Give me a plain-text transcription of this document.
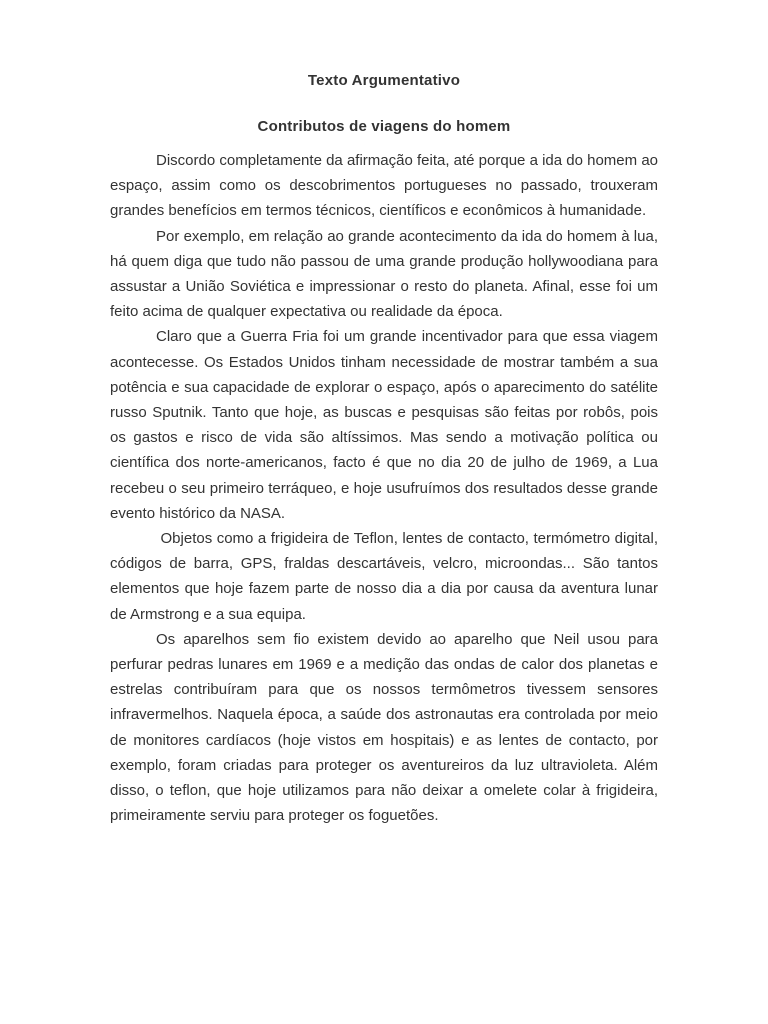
Texto Argumentativo
Contributos de viagens do homem

Discordo completamente da afirmação feita, até porque a ida do homem ao espaço, assim como os descobrimentos portugueses no passado, trouxeram grandes benefícios em termos técnicos, científicos e econômicos à humanidade.

Por exemplo, em relação ao grande acontecimento da ida do homem à lua, há quem diga que tudo não passou de uma grande produção hollywoodiana para assustar a União Soviética e impressionar o resto do planeta. Afinal, esse foi um feito acima de qualquer expectativa ou realidade da época.

Claro que a Guerra Fria foi um grande incentivador para que essa viagem acontecesse. Os Estados Unidos tinham necessidade de mostrar também a sua potência e sua capacidade de explorar o espaço, após o aparecimento do satélite russo Sputnik. Tanto que hoje, as buscas e pesquisas são feitas por robôs, pois os gastos e risco de vida são altíssimos. Mas sendo a motivação política ou científica dos norte-americanos, facto é que no dia 20 de julho de 1969, a Lua recebeu o seu primeiro terráqueo, e hoje usufruímos dos resultados desse grande evento histórico da NASA.

Objetos como a frigideira de Teflon, lentes de contacto, termómetro digital, códigos de barra, GPS, fraldas descartáveis, velcro, microondas... São tantos elementos que hoje fazem parte de nosso dia a dia por causa da aventura lunar de Armstrong e a sua equipa.

Os aparelhos sem fio existem devido ao aparelho que Neil usou para perfurar pedras lunares em 1969 e a medição das ondas de calor dos planetas e estrelas contribuíram para que os nossos termômetros tivessem sensores infravermelhos. Naquela época, a saúde dos astronautas era controlada por meio de monitores cardíacos (hoje vistos em hospitais) e as lentes de contacto, por exemplo, foram criadas para proteger os aventureiros da luz ultravioleta. Além disso, o teflon, que hoje utilizamos para não deixar a omelete colar à frigideira, primeiramente serviu para proteger os foguetões.
